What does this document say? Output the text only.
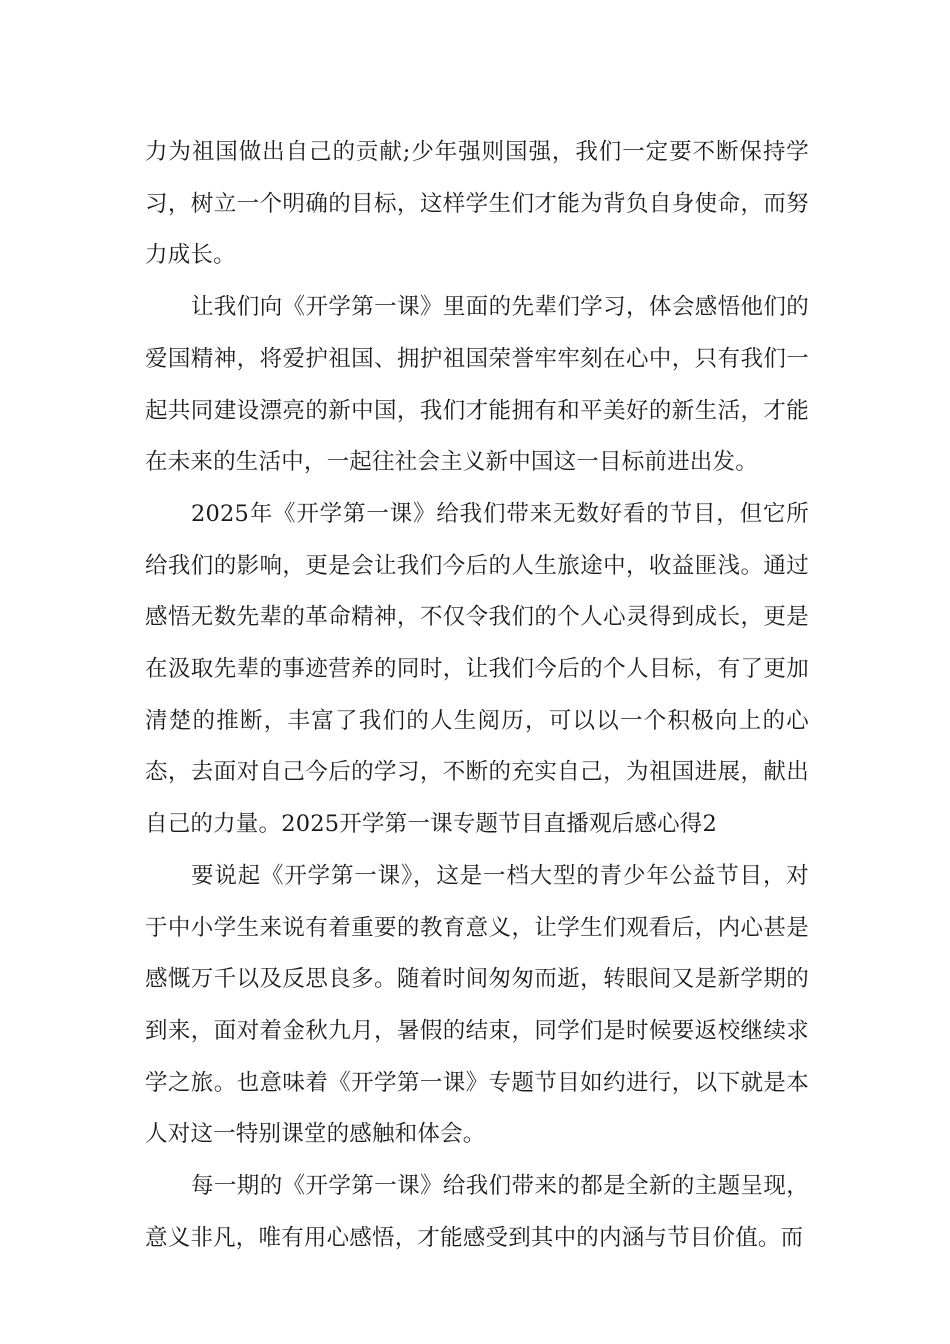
力为祖国做出自己的贡献;少年强则国强，我们一定要不断保持学习，树立一个明确的目标，这样学生们才能为背负自身使命，而努力成长。

让我们向《开学第一课》里面的先辈们学习，体会感悟他们的爱国精神，将爱护祖国、拥护祖国荣誉牢牢刻在心中，只有我们一起共同建设漂亮的新中国，我们才能拥有和平美好的新生活，才能在未来的生活中，一起往社会主义新中国这一目标前进出发。

2025年《开学第一课》给我们带来无数好看的节目，但它所给我们的影响，更是会让我们今后的人生旅途中，收益匪浅。通过感悟无数先辈的革命精神，不仅令我们的个人心灵得到成长，更是在汲取先辈的事迹营养的同时，让我们今后的个人目标，有了更加清楚的推断，丰富了我们的人生阅历，可以以一个积极向上的心态，去面对自己今后的学习，不断的充实自己，为祖国进展，献出自己的力量。2025开学第一课专题节目直播观后感心得2

要说起《开学第一课》，这是一档大型的青少年公益节目，对于中小学生来说有着重要的教育意义，让学生们观看后，内心甚是感慨万千以及反思良多。随着时间匆匆而逝，转眼间又是新学期的到来，面对着金秋九月，暑假的结束，同学们是时候要返校继续求学之旅。也意味着《开学第一课》专题节目如约进行，以下就是本人对这一特别课堂的感触和体会。

每一期的《开学第一课》给我们带来的都是全新的主题呈现，意义非凡，唯有用心感悟，才能感受到其中的内涵与节目价值。而
